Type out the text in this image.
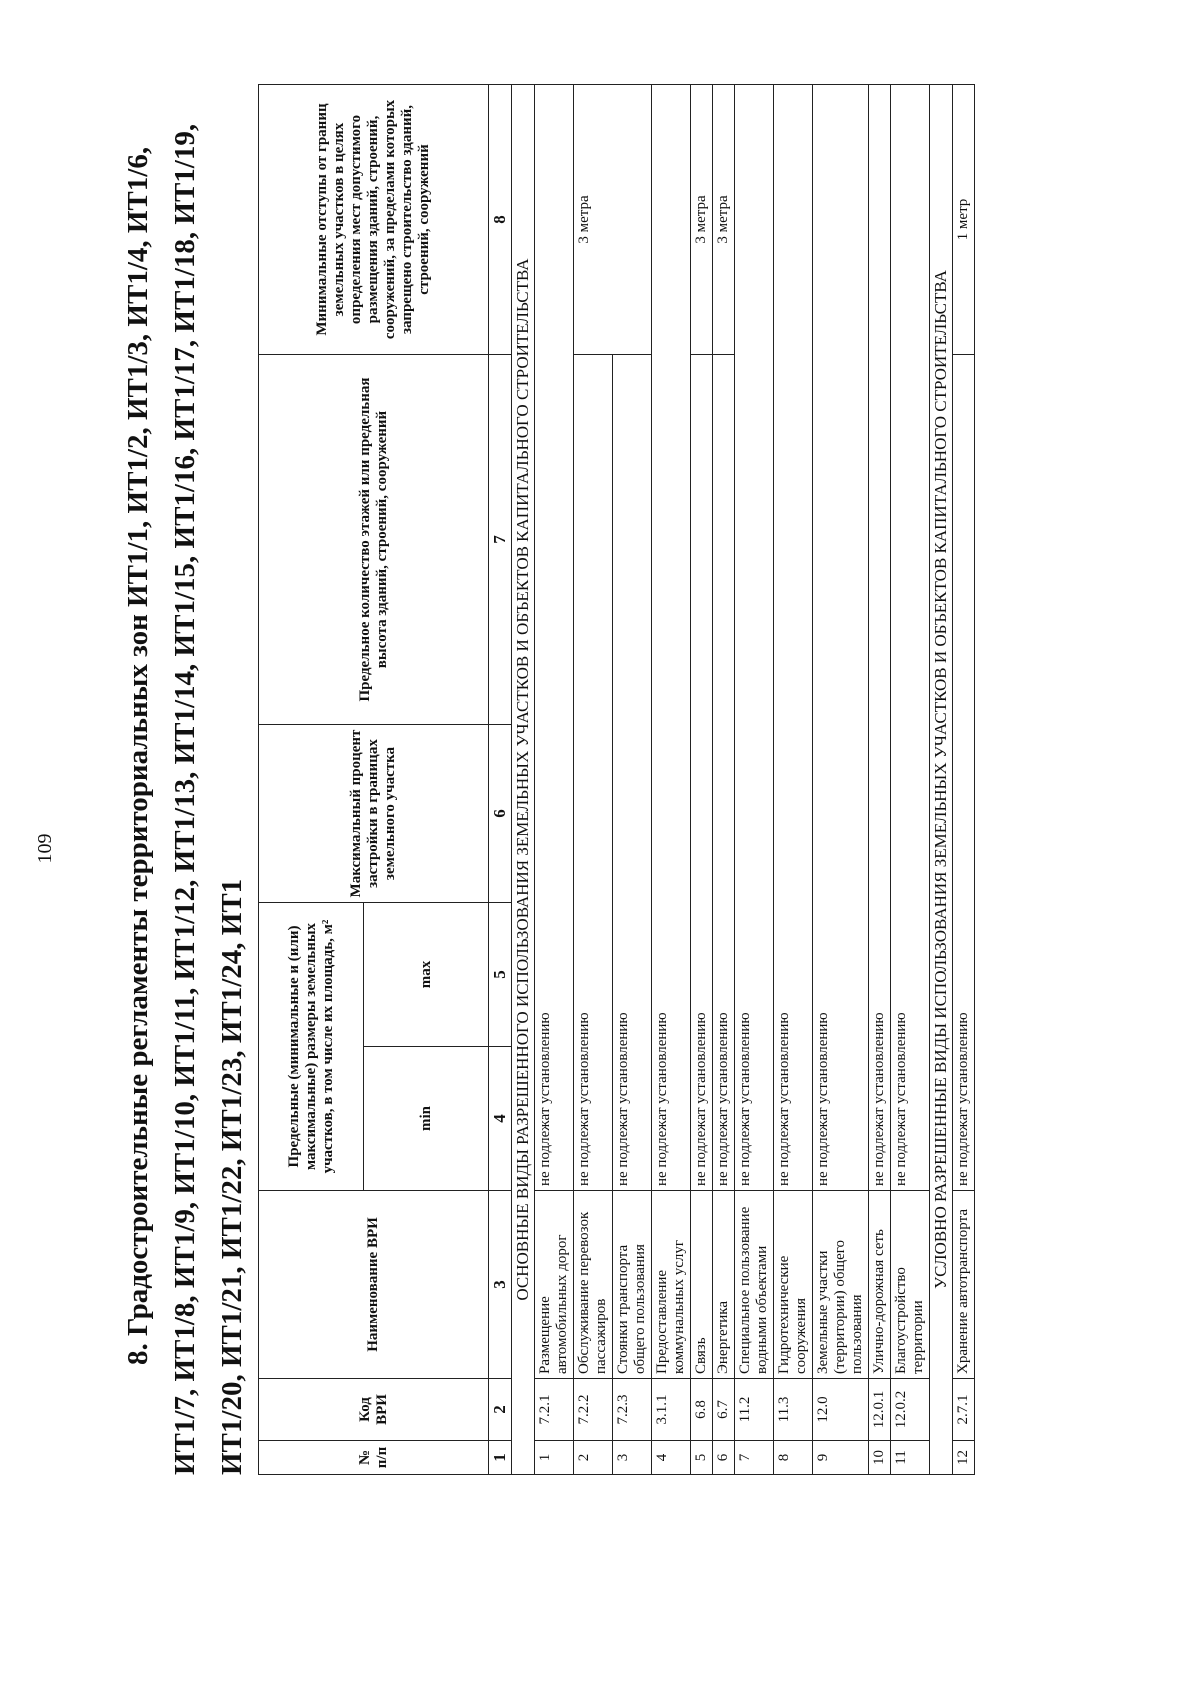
109 8. Градостроительные регламенты территориальных зон ИТ1/1, ИТ1/2, ИТ1/3, ИТ1/4, ИТ1/6, ИТ1/7, ИТ1/8, ИТ1/9, ИТ1/10, ИТ1/11, ИТ1/12, ИТ1/13, ИТ1/14, ИТ1/15, ИТ1/16, ИТ1/17, ИТ1/18, ИТ1/19, ИТ1/20, ИТ1/21, ИТ1/22, ИТ1/23, ИТ1/24, ИТ1	№ п/п	Код ВРИ	Наименование ВРИ	Предельные (минимальные и (или) максимальные) размеры земельных участков, в том числе их площадь, м²		Максимальный процент застройки в границах земельного участка	Предельное количество этажей или предельная высота зданий, строений, сооружений	Минимальные отступы от границ земельных участков в целях определения мест допустимого размещения зданий, строений, сооружений, за пределами которых запрещено строительство зданий, строений, сооружений
			min	max			
1	2	3	4	5	6	7	8
ОСНОВНЫЕ ВИДЫ РАЗРЕШЕННОГО ИСПОЛЬЗОВАНИЯ ЗЕМЕЛЬНЫХ УЧАСТКОВ И ОБЪЕКТОВ КАПИТАЛЬНОГО СТРОИТЕЛЬСТВА							
1	7.2.1	Размещение автомобильных дорог	не подлежат установлению				
2	7.2.2	Обслуживание перевозок пассажиров	не подлежат установлению				3 метра
3	7.2.3	Стоянки транспорта общего пользования	не подлежат установлению				
4	3.1.1	Предоставление коммунальных услуг	не подлежат установлению				
5	6.8	Связь	не подлежат установлению				3 метра
6	6.7	Энергетика	не подлежат установлению				3 метра
7	11.2	Специальное пользование водными объектами	не подлежат установлению				
8	11.3	Гидротехнические сооружения	не подлежат установлению				
9	12.0	Земельные участки (территории) общего пользования	не подлежат установлению				
10	12.0.1	Улично-дорожная сеть	не подлежат установлению				
11	12.0.2	Благоустройство территории	не подлежат установлению				
УСЛОВНО РАЗРЕШЕННЫЕ ВИДЫ ИСПОЛЬЗОВАНИЯ ЗЕМЕЛЬНЫХ УЧАСТКОВ И ОБЪЕКТОВ КАПИТАЛЬНОГО СТРОИТЕЛЬСТВА							
12	2.7.1	Хранение автотранспорта	не подлежат установлению				1 метр
